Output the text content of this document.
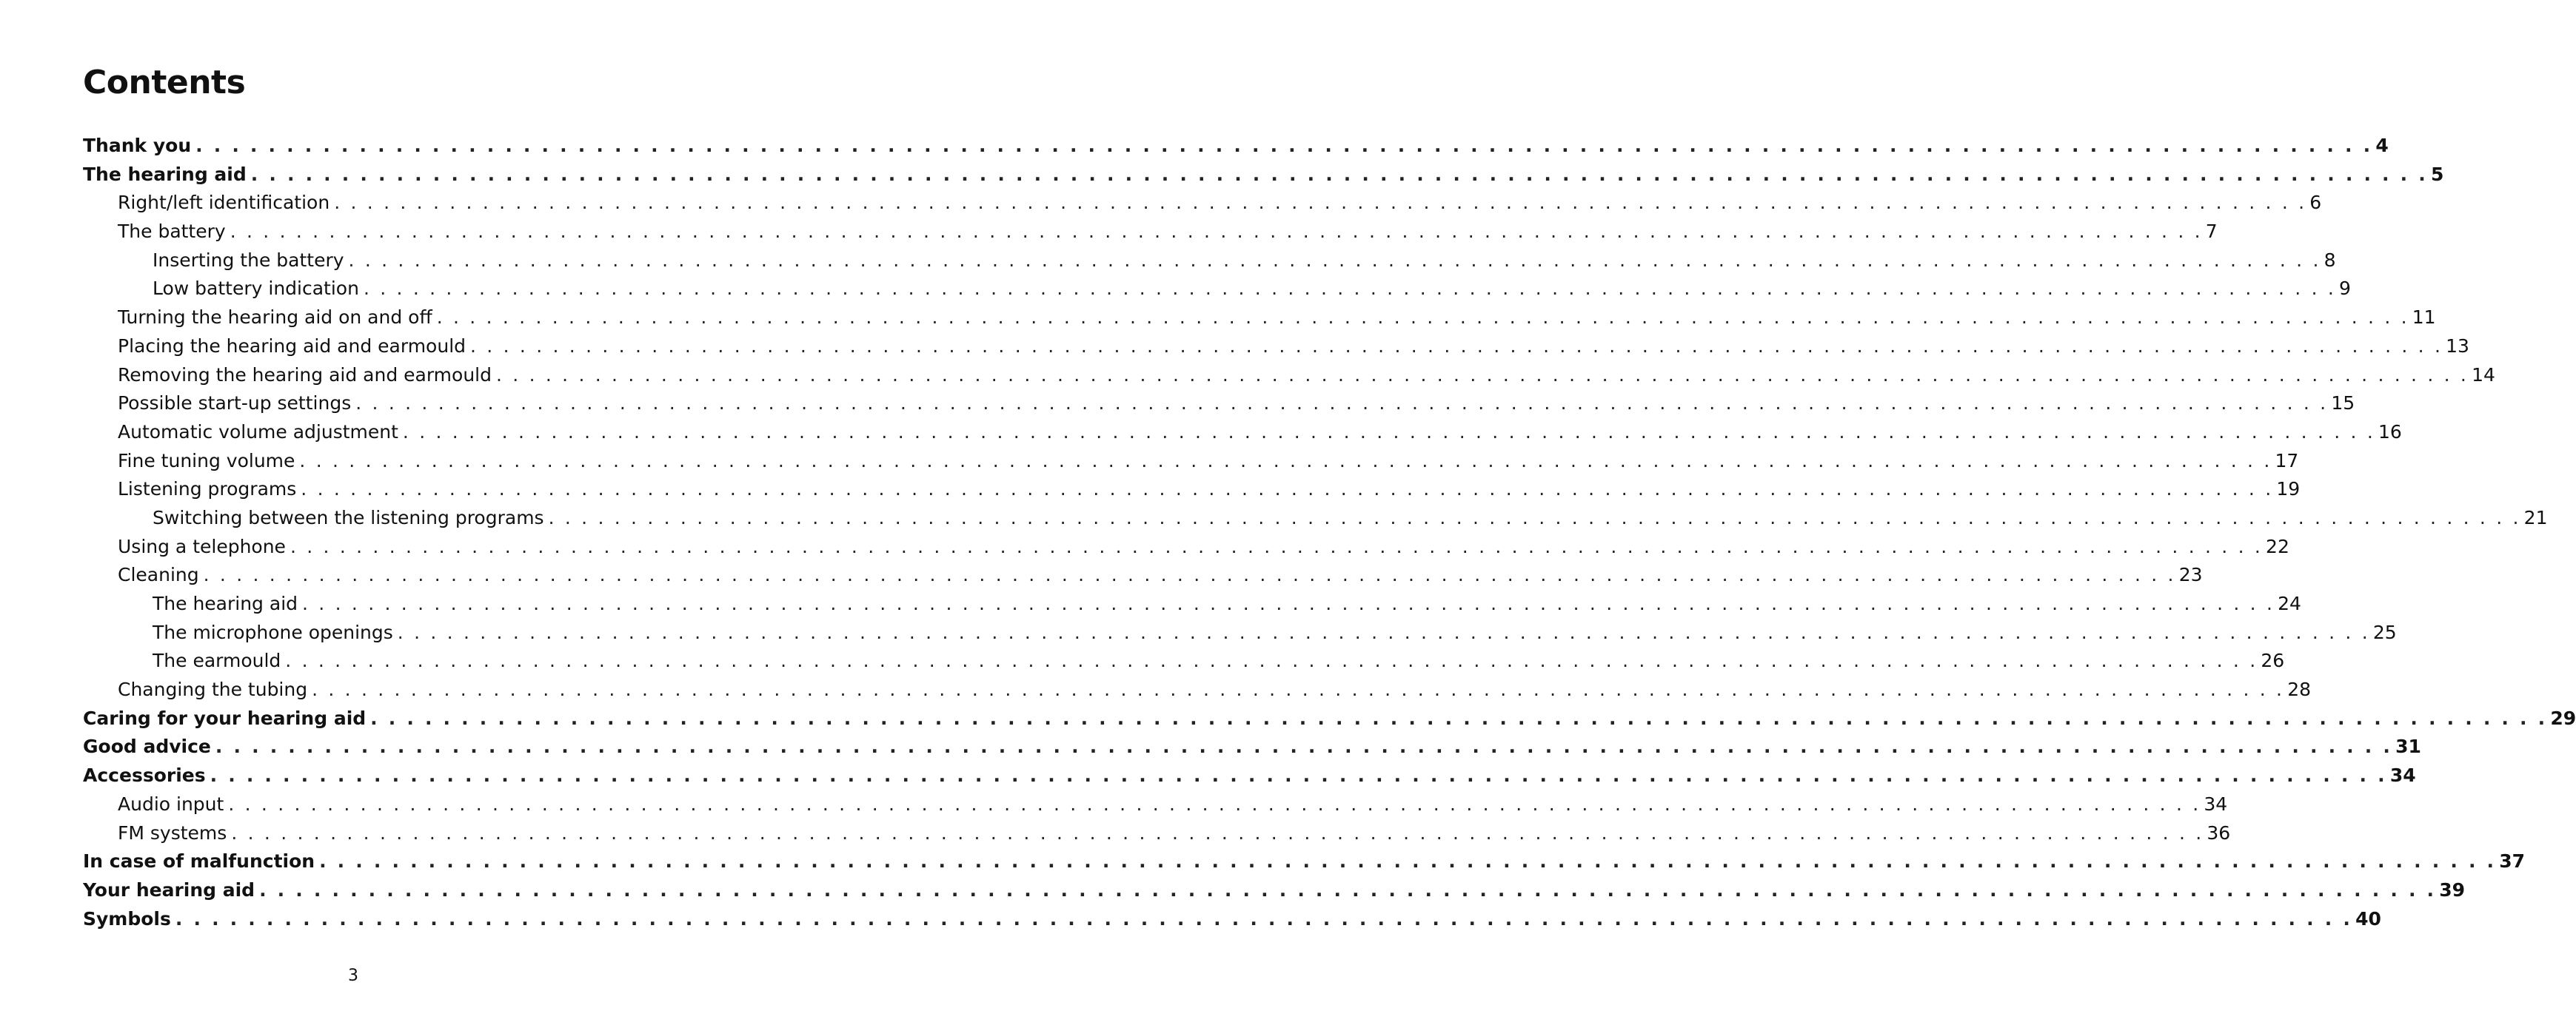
Contents
Thank you . . . . . . . . . . . . . . . . . . . . . . . . . . . . . . . . . . . . . . . . . . . . . . . . . . . . . . . . . . . . . . . . . . . . . . . . . . . . . . . . . . . . . . . . . . . . . . . . . . . . . . . . . . . . . . . . . . . . . . . . 4
The hearing aid . . . . . . . . . . . . . . . . . . . . . . . . . . . . . . . . . . . . . . . . . . . . . . . . . . . . . . . . . . . . . . . . . . . . . . . . . . . . . . . . . . . . . . . . . . . . . . . . . . . . . . . . . . . . . . . . . . . . . . . . 5
Right/left identification . . . . . . . . . . . . . . . . . . . . . . . . . . . . . . . . . . . . . . . . . . . . . . . . . . . . . . . . . . . . . . . . . . . . . . . . . . . . . . . . . . . . . . . . . . . . . . . . . . . . . . . . . . . . . . . . . . . . . . . . 6
The battery . . . . . . . . . . . . . . . . . . . . . . . . . . . . . . . . . . . . . . . . . . . . . . . . . . . . . . . . . . . . . . . . . . . . . . . . . . . . . . . . . . . . . . . . . . . . . . . . . . . . . . . . . . . . . . . . . . . . . . . . 7
Inserting the battery . . . . . . . . . . . . . . . . . . . . . . . . . . . . . . . . . . . . . . . . . . . . . . . . . . . . . . . . . . . . . . . . . . . . . . . . . . . . . . . . . . . . . . . . . . . . . . . . . . . . . . . . . . . . . . . . . . . . . . . . 8
Low battery indication . . . . . . . . . . . . . . . . . . . . . . . . . . . . . . . . . . . . . . . . . . . . . . . . . . . . . . . . . . . . . . . . . . . . . . . . . . . . . . . . . . . . . . . . . . . . . . . . . . . . . . . . . . . . . . . . . . . . . . . . 9
Turning the hearing aid on and off . . . . . . . . . . . . . . . . . . . . . . . . . . . . . . . . . . . . . . . . . . . . . . . . . . . . . . . . . . . . . . . . . . . . . . . . . . . . . . . . . . . . . . . . . . . . . . . . . . . . . . . . . . . . . . . . . . . . . . . . 11
Placing the hearing aid and earmould . . . . . . . . . . . . . . . . . . . . . . . . . . . . . . . . . . . . . . . . . . . . . . . . . . . . . . . . . . . . . . . . . . . . . . . . . . . . . . . . . . . . . . . . . . . . . . . . . . . . . . . . . . . . . . . . . . . . . . . . 13
Removing the hearing aid and earmould . . . . . . . . . . . . . . . . . . . . . . . . . . . . . . . . . . . . . . . . . . . . . . . . . . . . . . . . . . . . . . . . . . . . . . . . . . . . . . . . . . . . . . . . . . . . . . . . . . . . . . . . . . . . . . . . . . . . . . . . 14
Possible start-up settings . . . . . . . . . . . . . . . . . . . . . . . . . . . . . . . . . . . . . . . . . . . . . . . . . . . . . . . . . . . . . . . . . . . . . . . . . . . . . . . . . . . . . . . . . . . . . . . . . . . . . . . . . . . . . . . . . . . . . . . . 15
Automatic volume adjustment . . . . . . . . . . . . . . . . . . . . . . . . . . . . . . . . . . . . . . . . . . . . . . . . . . . . . . . . . . . . . . . . . . . . . . . . . . . . . . . . . . . . . . . . . . . . . . . . . . . . . . . . . . . . . . . . . . . . . . . . 16
Fine tuning volume . . . . . . . . . . . . . . . . . . . . . . . . . . . . . . . . . . . . . . . . . . . . . . . . . . . . . . . . . . . . . . . . . . . . . . . . . . . . . . . . . . . . . . . . . . . . . . . . . . . . . . . . . . . . . . . . . . . . . . . . 17
Listening programs . . . . . . . . . . . . . . . . . . . . . . . . . . . . . . . . . . . . . . . . . . . . . . . . . . . . . . . . . . . . . . . . . . . . . . . . . . . . . . . . . . . . . . . . . . . . . . . . . . . . . . . . . . . . . . . . . . . . . . . . 19
Switching between the listening programs . . . . . . . . . . . . . . . . . . . . . . . . . . . . . . . . . . . . . . . . . . . . . . . . . . . . . . . . . . . . . . . . . . . . . . . . . . . . . . . . . . . . . . . . . . . . . . . . . . . . . . . . . . . . . . . . . . . . . . . . 21
Using a telephone . . . . . . . . . . . . . . . . . . . . . . . . . . . . . . . . . . . . . . . . . . . . . . . . . . . . . . . . . . . . . . . . . . . . . . . . . . . . . . . . . . . . . . . . . . . . . . . . . . . . . . . . . . . . . . . . . . . . . . . . 22
Cleaning . . . . . . . . . . . . . . . . . . . . . . . . . . . . . . . . . . . . . . . . . . . . . . . . . . . . . . . . . . . . . . . . . . . . . . . . . . . . . . . . . . . . . . . . . . . . . . . . . . . . . . . . . . . . . . . . . . . . . . . . 23
The hearing aid . . . . . . . . . . . . . . . . . . . . . . . . . . . . . . . . . . . . . . . . . . . . . . . . . . . . . . . . . . . . . . . . . . . . . . . . . . . . . . . . . . . . . . . . . . . . . . . . . . . . . . . . . . . . . . . . . . . . . . . . 24
The microphone openings . . . . . . . . . . . . . . . . . . . . . . . . . . . . . . . . . . . . . . . . . . . . . . . . . . . . . . . . . . . . . . . . . . . . . . . . . . . . . . . . . . . . . . . . . . . . . . . . . . . . . . . . . . . . . . . . . . . . . . . . 25
The earmould . . . . . . . . . . . . . . . . . . . . . . . . . . . . . . . . . . . . . . . . . . . . . . . . . . . . . . . . . . . . . . . . . . . . . . . . . . . . . . . . . . . . . . . . . . . . . . . . . . . . . . . . . . . . . . . . . . . . . . . . 26
Changing the tubing . . . . . . . . . . . . . . . . . . . . . . . . . . . . . . . . . . . . . . . . . . . . . . . . . . . . . . . . . . . . . . . . . . . . . . . . . . . . . . . . . . . . . . . . . . . . . . . . . . . . . . . . . . . . . . . . . . . . . . . . 28
Caring for your hearing aid . . . . . . . . . . . . . . . . . . . . . . . . . . . . . . . . . . . . . . . . . . . . . . . . . . . . . . . . . . . . . . . . . . . . . . . . . . . . . . . . . . . . . . . . . . . . . . . . . . . . . . . . . . . . . . . . . . . . . . . . 29
Good advice . . . . . . . . . . . . . . . . . . . . . . . . . . . . . . . . . . . . . . . . . . . . . . . . . . . . . . . . . . . . . . . . . . . . . . . . . . . . . . . . . . . . . . . . . . . . . . . . . . . . . . . . . . . . . . . . . . . . . . . . 31
Accessories . . . . . . . . . . . . . . . . . . . . . . . . . . . . . . . . . . . . . . . . . . . . . . . . . . . . . . . . . . . . . . . . . . . . . . . . . . . . . . . . . . . . . . . . . . . . . . . . . . . . . . . . . . . . . . . . . . . . . . . . 34
Audio input . . . . . . . . . . . . . . . . . . . . . . . . . . . . . . . . . . . . . . . . . . . . . . . . . . . . . . . . . . . . . . . . . . . . . . . . . . . . . . . . . . . . . . . . . . . . . . . . . . . . . . . . . . . . . . . . . . . . . . . . 34
FM systems . . . . . . . . . . . . . . . . . . . . . . . . . . . . . . . . . . . . . . . . . . . . . . . . . . . . . . . . . . . . . . . . . . . . . . . . . . . . . . . . . . . . . . . . . . . . . . . . . . . . . . . . . . . . . . . . . . . . . . . . 36
In case of malfunction . . . . . . . . . . . . . . . . . . . . . . . . . . . . . . . . . . . . . . . . . . . . . . . . . . . . . . . . . . . . . . . . . . . . . . . . . . . . . . . . . . . . . . . . . . . . . . . . . . . . . . . . . . . . . . . . . . . . . . . . 37
Your hearing aid . . . . . . . . . . . . . . . . . . . . . . . . . . . . . . . . . . . . . . . . . . . . . . . . . . . . . . . . . . . . . . . . . . . . . . . . . . . . . . . . . . . . . . . . . . . . . . . . . . . . . . . . . . . . . . . . . . . . . . . . 39
Symbols . . . . . . . . . . . . . . . . . . . . . . . . . . . . . . . . . . . . . . . . . . . . . . . . . . . . . . . . . . . . . . . . . . . . . . . . . . . . . . . . . . . . . . . . . . . . . . . . . . . . . . . . . . . . . . . . . . . . . . . . 40
3
